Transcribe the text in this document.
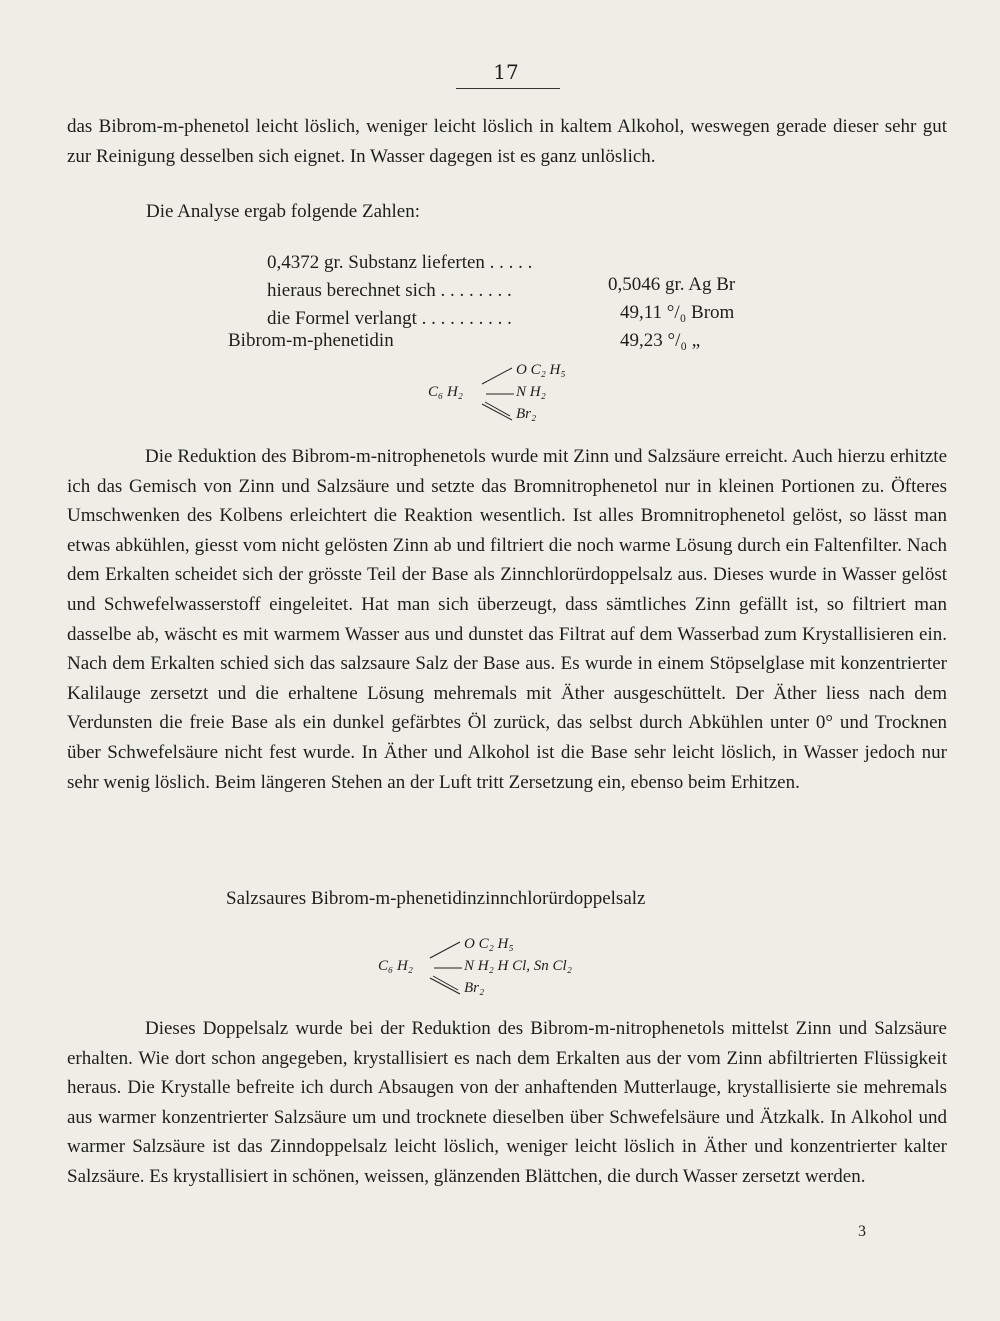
17

das Bibrom-m-phenetol leicht löslich, weniger leicht löslich in kaltem Alkohol, weswegen gerade dieser sehr gut zur Reinigung desselben sich eignet. In Wasser dagegen ist es ganz unlöslich.

Die Analyse ergab folgende Zahlen:

0,4372 gr. Substanz lieferten . . . . .

0,5046 gr. Ag Br

hieraus berechnet sich . . . . . . . .

49,11 °/₀ Brom

die Formel verlangt . . . . . . . . . .

49,23 °/₀ „

Bibrom-m-phenetidin
C₆ H₂
O C₂ H₅
N H₂
Br₂

Die Reduktion des Bibrom-m-nitrophenetols wurde mit Zinn und Salzsäure erreicht. Auch hierzu erhitzte ich das Gemisch von Zinn und Salzsäure und setzte das Bromnitrophenetol nur in kleinen Portionen zu. Öfteres Umschwenken des Kolbens erleichtert die Reaktion wesentlich. Ist alles Bromnitrophenetol gelöst, so lässt man etwas abkühlen, giesst vom nicht gelösten Zinn ab und filtriert die noch warme Lösung durch ein Faltenfilter. Nach dem Erkalten scheidet sich der grösste Teil der Base als Zinnchlorürdoppelsalz aus. Dieses wurde in Wasser gelöst und Schwefelwasserstoff eingeleitet. Hat man sich überzeugt, dass sämtliches Zinn gefällt ist, so filtriert man dasselbe ab, wäscht es mit warmem Wasser aus und dunstet das Filtrat auf dem Wasserbad zum Krystallisieren ein. Nach dem Erkalten schied sich das salzsaure Salz der Base aus. Es wurde in einem Stöpselglase mit konzentrierter Kalilauge zersetzt und die erhaltene Lösung mehremals mit Äther ausgeschüttelt. Der Äther liess nach dem Verdunsten die freie Base als ein dunkel gefärbtes Öl zurück, das selbst durch Abkühlen unter 0° und Trocknen über Schwefelsäure nicht fest wurde. In Äther und Alkohol ist die Base sehr leicht löslich, in Wasser jedoch nur sehr wenig löslich. Beim längeren Stehen an der Luft tritt Zersetzung ein, ebenso beim Erhitzen.

Salzsaures Bibrom-m-phenetidinzinnchlorürdoppelsalz
C₆ H₂
O C₂ H₅
N H₂ H Cl, Sn Cl₂
Br₂

Dieses Doppelsalz wurde bei der Reduktion des Bibrom-m-nitrophenetols mittelst Zinn und Salzsäure erhalten. Wie dort schon angegeben, krystallisiert es nach dem Erkalten aus der vom Zinn abfiltrierten Flüssigkeit heraus. Die Krystalle befreite ich durch Absaugen von der anhaftenden Mutterlauge, krystallisierte sie mehremals aus warmer konzentrierter Salzsäure um und trocknete dieselben über Schwefelsäure und Ätzkalk. In Alkohol und warmer Salzsäure ist das Zinndoppelsalz leicht löslich, weniger leicht löslich in Äther und konzentrierter kalter Salzsäure. Es krystallisiert in schönen, weissen, glänzenden Blättchen, die durch Wasser zersetzt werden.

3
